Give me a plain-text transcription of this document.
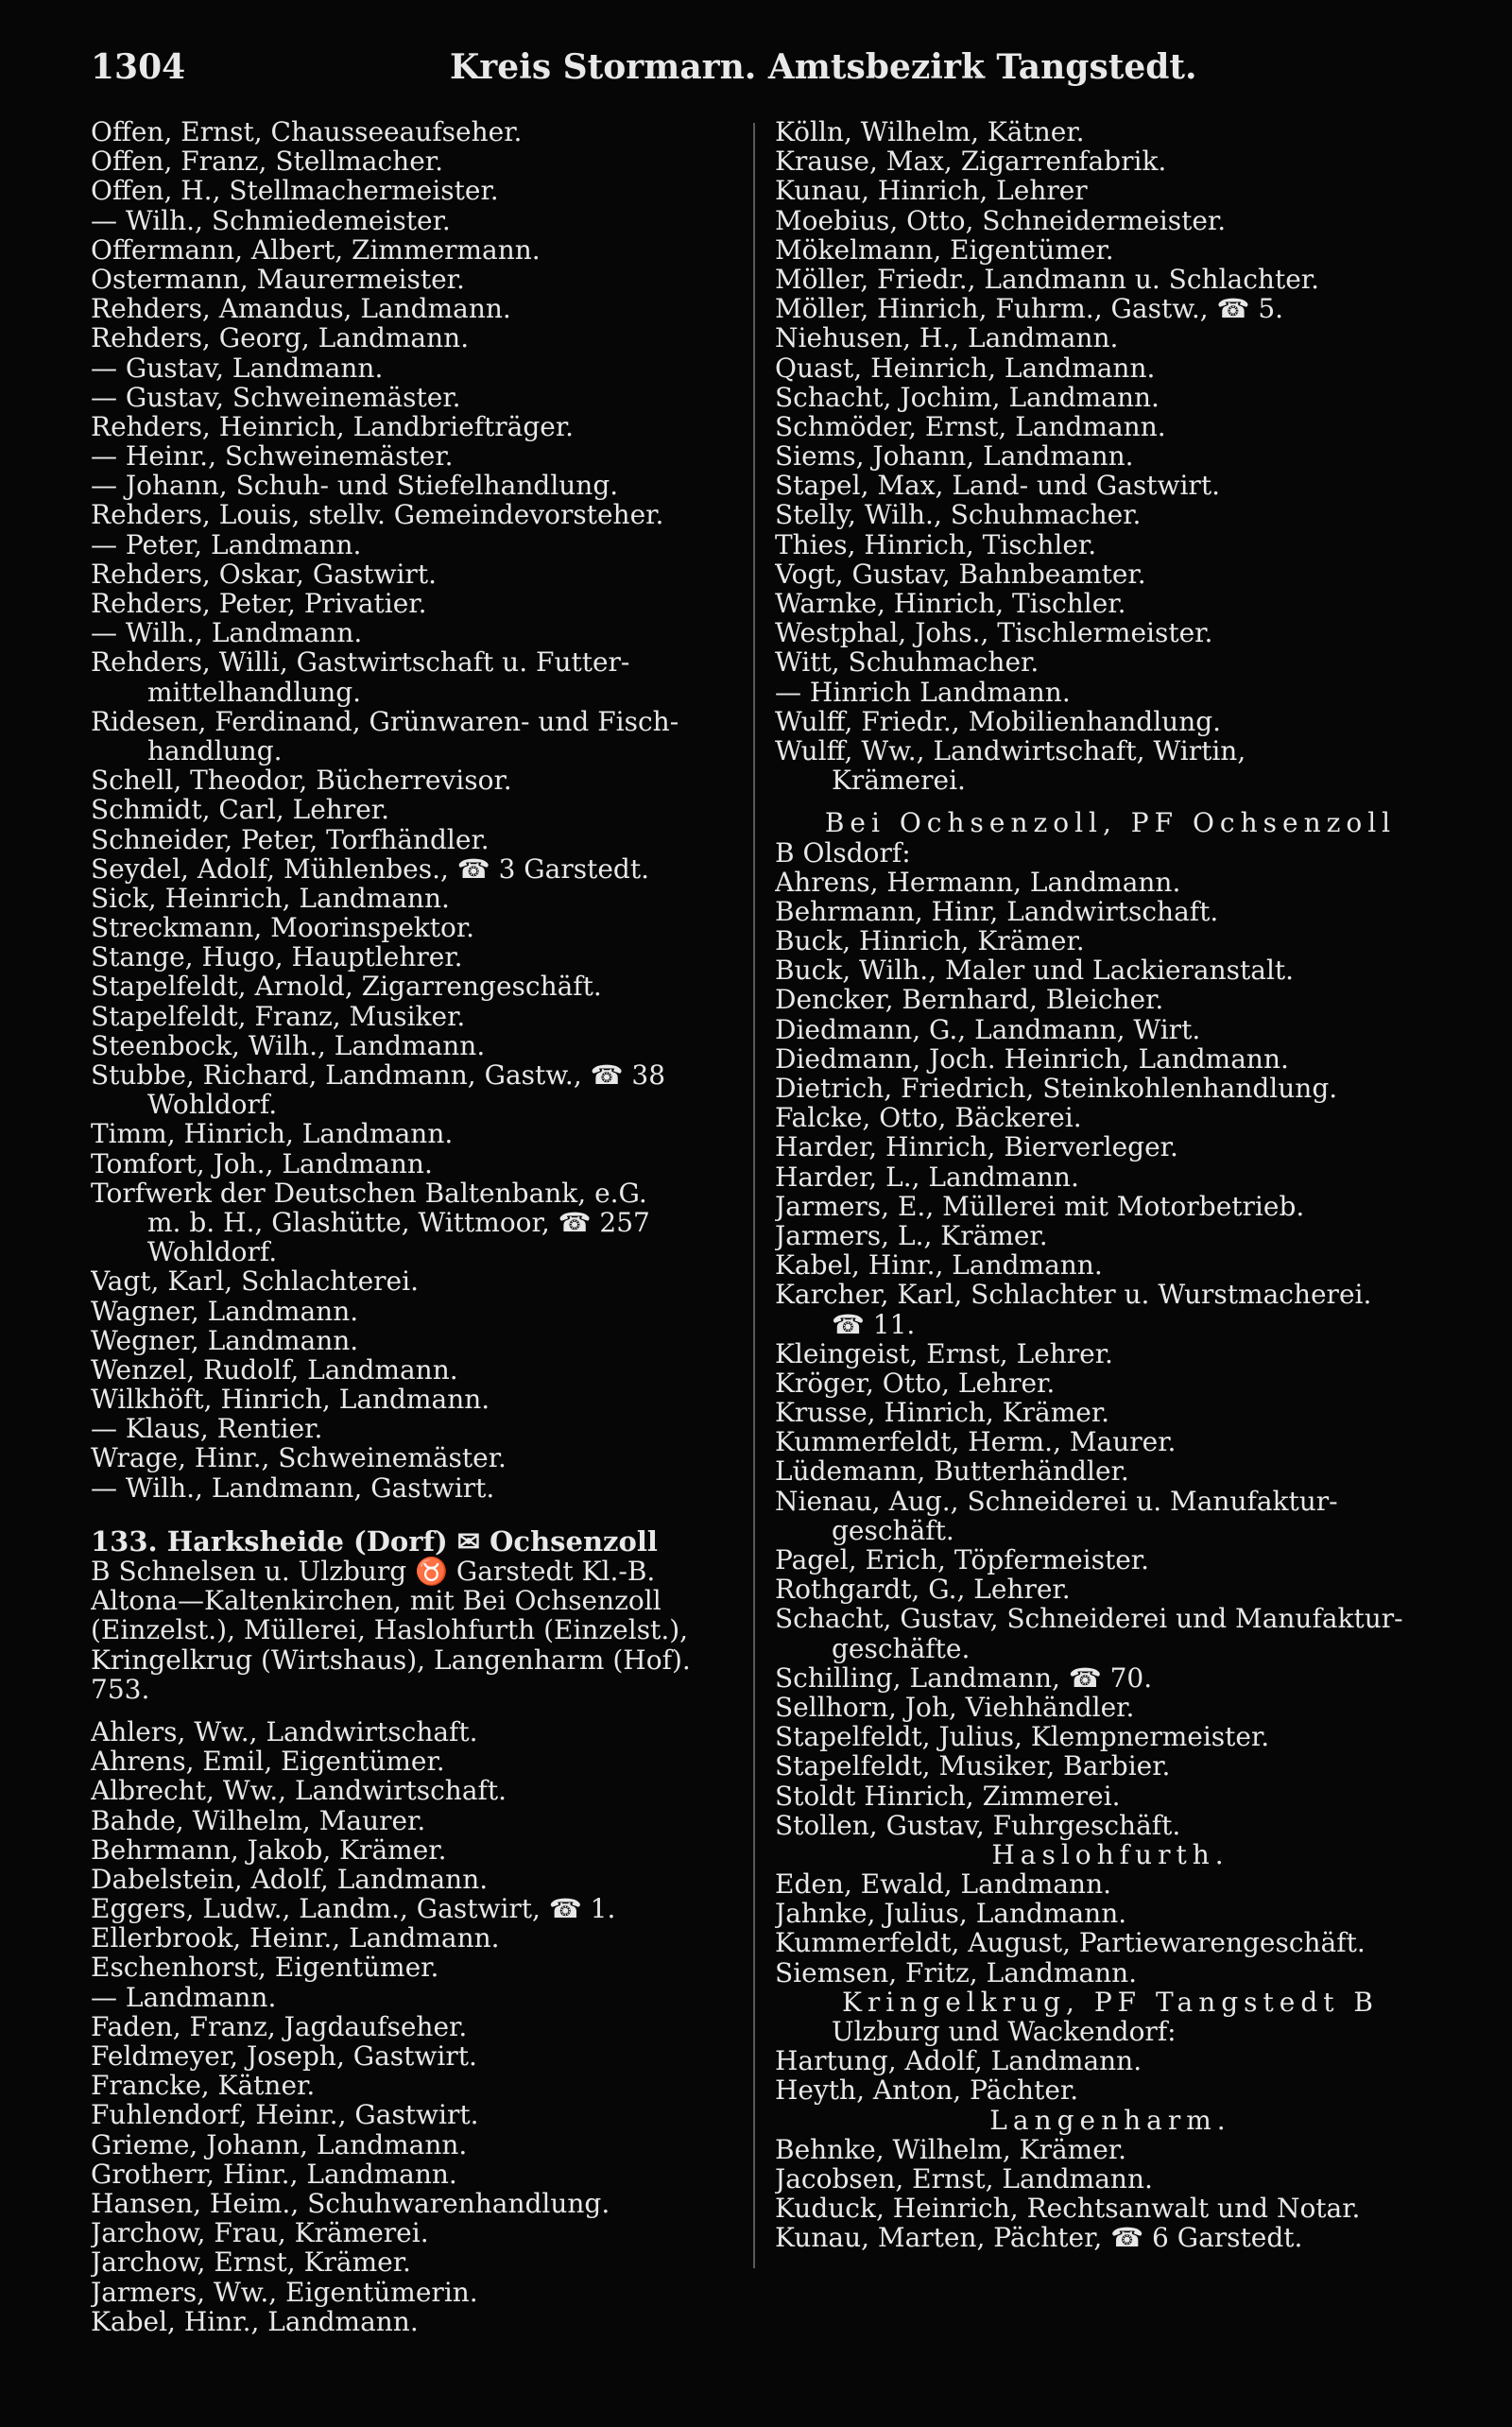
1304	Kreis Stormarn. Amtsbezirk Tangstedt.
Offen, Ernst, Chausseeaufseher.
Offen, Franz, Stellmacher.
Offen, H., Stellmachermeister.
— Wilh., Schmiedemeister.
Offermann, Albert, Zimmermann.
Ostermann, Maurermeister.
Rehders, Amandus, Landmann.
Rehders, Georg, Landmann.
— Gustav, Landmann.
— Gustav, Schweinemäster.
Rehders, Heinrich, Landbriefträger.
— Heinr., Schweinemäster.
— Johann, Schuh- und Stiefelhandlung.
Rehders, Louis, stellv. Gemeindevorsteher.
— Peter, Landmann.
Rehders, Oskar, Gastwirt.
Rehders, Peter, Privatier.
— Wilh., Landmann.
Rehders, Willi, Gastwirtschaft u. Futter-
mittelhandlung.
Ridesen, Ferdinand, Grünwaren- und Fisch-
handlung.
Schell, Theodor, Bücherrevisor.
Schmidt, Carl, Lehrer.
Schneider, Peter, Torfhändler.
Seydel, Adolf, Mühlenbes., ☎ 3 Garstedt.
Sick, Heinrich, Landmann.
Streckmann, Moorinspektor.
Stange, Hugo, Hauptlehrer.
Stapelfeldt, Arnold, Zigarrengeschäft.
Stapelfeldt, Franz, Musiker.
Steenbock, Wilh., Landmann.
Stubbe, Richard, Landmann, Gastw., ☎ 38
Wohldorf.
Timm, Hinrich, Landmann.
Tomfort, Joh., Landmann.
Torfwerk der Deutschen Baltenbank, e.G.
m. b. H., Glashütte, Wittmoor, ☎ 257
Wohldorf.
Vagt, Karl, Schlachterei.
Wagner, Landmann.
Wegner, Landmann.
Wenzel, Rudolf, Landmann.
Wilkhöft, Hinrich, Landmann.
— Klaus, Rentier.
Wrage, Hinr., Schweinemäster.
— Wilh., Landmann, Gastwirt.
133. Harksheide (Dorf) ✉ Ochsenzoll
B Schnelsen u. Ulzburg ♉ Garstedt Kl.-B.
Altona—Kaltenkirchen, mit Bei Ochsenzoll
(Einzelst.), Müllerei, Haslohfurth (Einzelst.),
Kringelkrug (Wirtshaus), Langenharm (Hof).
753.
Ahlers, Ww., Landwirtschaft.
Ahrens, Emil, Eigentümer.
Albrecht, Ww., Landwirtschaft.
Bahde, Wilhelm, Maurer.
Behrmann, Jakob, Krämer.
Dabelstein, Adolf, Landmann.
Eggers, Ludw., Landm., Gastwirt, ☎ 1.
Ellerbrook, Heinr., Landmann.
Eschenhorst, Eigentümer.
— Landmann.
Faden, Franz, Jagdaufseher.
Feldmeyer, Joseph, Gastwirt.
Francke, Kätner.
Fuhlendorf, Heinr., Gastwirt.
Grieme, Johann, Landmann.
Grotherr, Hinr., Landmann.
Hansen, Heim., Schuhwarenhandlung.
Jarchow, Frau, Krämerei.
Jarchow, Ernst, Krämer.
Jarmers, Ww., Eigentümerin.
Kabel, Hinr., Landmann.
Kölln, Wilhelm, Kätner.
Krause, Max, Zigarrenfabrik.
Kunau, Hinrich, Lehrer
Moebius, Otto, Schneidermeister.
Mökelmann, Eigentümer.
Möller, Friedr., Landmann u. Schlachter.
Möller, Hinrich, Fuhrm., Gastw., ☎ 5.
Niehusen, H., Landmann.
Quast, Heinrich, Landmann.
Schacht, Jochim, Landmann.
Schmöder, Ernst, Landmann.
Siems, Johann, Landmann.
Stapel, Max, Land- und Gastwirt.
Stelly, Wilh., Schuhmacher.
Thies, Hinrich, Tischler.
Vogt, Gustav, Bahnbeamter.
Warnke, Hinrich, Tischler.
Westphal, Johs., Tischlermeister.
Witt, Schuhmacher.
— Hinrich Landmann.
Wulff, Friedr., Mobilienhandlung.
Wulff, Ww., Landwirtschaft, Wirtin,
Krämerei.
Bei Ochsenzoll, PF Ochsenzoll
B Olsdorf:
Ahrens, Hermann, Landmann.
Behrmann, Hinr, Landwirtschaft.
Buck, Hinrich, Krämer.
Buck, Wilh., Maler und Lackieranstalt.
Dencker, Bernhard, Bleicher.
Diedmann, G., Landmann, Wirt.
Diedmann, Joch. Heinrich, Landmann.
Dietrich, Friedrich, Steinkohlenhandlung.
Falcke, Otto, Bäckerei.
Harder, Hinrich, Bierverleger.
Harder, L., Landmann.
Jarmers, E., Müllerei mit Motorbetrieb.
Jarmers, L., Krämer.
Kabel, Hinr., Landmann.
Karcher, Karl, Schlachter u. Wurstmacherei.
☎ 11.
Kleingeist, Ernst, Lehrer.
Kröger, Otto, Lehrer.
Krusse, Hinrich, Krämer.
Kummerfeldt, Herm., Maurer.
Lüdemann, Butterhändler.
Nienau, Aug., Schneiderei u. Manufaktur-
geschäft.
Pagel, Erich, Töpfermeister.
Rothgardt, G., Lehrer.
Schacht, Gustav, Schneiderei und Manufaktur-
geschäfte.
Schilling, Landmann, ☎ 70.
Sellhorn, Joh, Viehhändler.
Stapelfeldt, Julius, Klempnermeister.
Stapelfeldt, Musiker, Barbier.
Stoldt Hinrich, Zimmerei.
Stollen, Gustav, Fuhrgeschäft.
Haslohfurth.
Eden, Ewald, Landmann.
Jahnke, Julius, Landmann.
Kummerfeldt, August, Partiewarengeschäft.
Siemsen, Fritz, Landmann.
Kringelkrug, PF Tangstedt B
Ulzburg und Wackendorf:
Hartung, Adolf, Landmann.
Heyth, Anton, Pächter.
Langenharm.
Behnke, Wilhelm, Krämer.
Jacobsen, Ernst, Landmann.
Kuduck, Heinrich, Rechtsanwalt und Notar.
Kunau, Marten, Pächter, ☎ 6 Garstedt.
